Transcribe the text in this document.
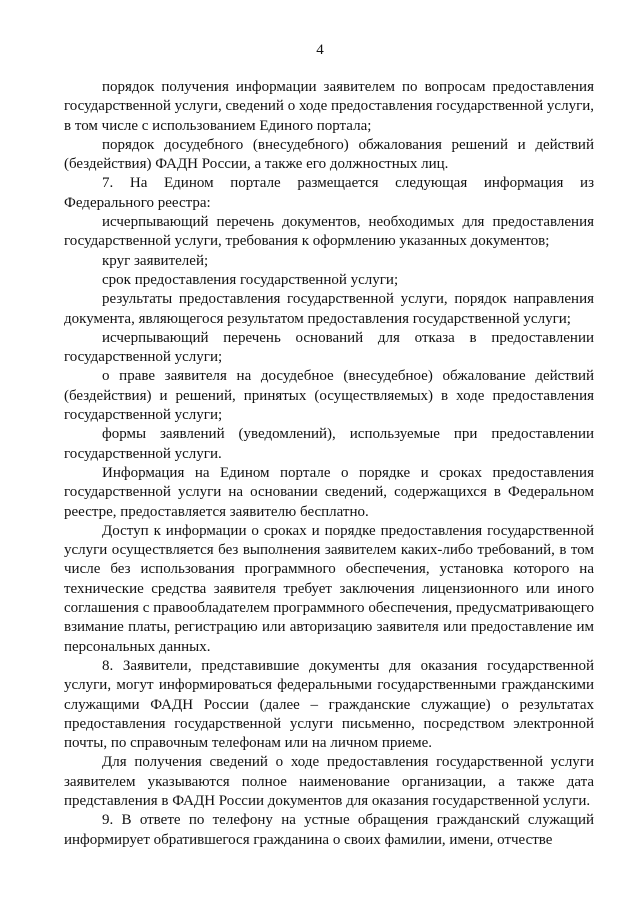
4

порядок получения информации заявителем по вопросам предоставления государственной услуги, сведений о ходе предоставления государственной услуги, в том числе с использованием Единого портала;

порядок досудебного (внесудебного) обжалования решений и действий (бездействия) ФАДН России, а также его должностных лиц.

7. На Едином портале размещается следующая информация из Федерального реестра:

исчерпывающий перечень документов, необходимых для предоставления государственной услуги, требования к оформлению указанных документов;

круг заявителей;

срок предоставления государственной услуги;

результаты предоставления государственной услуги, порядок направления документа, являющегося результатом предоставления государственной услуги;

исчерпывающий перечень оснований для отказа в предоставлении государственной услуги;

о праве заявителя на досудебное (внесудебное) обжалование действий (бездействия) и решений, принятых (осуществляемых) в ходе предоставления государственной услуги;

формы заявлений (уведомлений), используемые при предоставлении государственной услуги.

Информация на Едином портале о порядке и сроках предоставления государственной услуги на основании сведений, содержащихся в Федеральном реестре, предоставляется заявителю бесплатно.

Доступ к информации о сроках и порядке предоставления государственной услуги осуществляется без выполнения заявителем каких-либо требований, в том числе без использования программного обеспечения, установка которого на технические средства заявителя требует заключения лицензионного или иного соглашения с правообладателем программного обеспечения, предусматривающего взимание платы, регистрацию или авторизацию заявителя или предоставление им персональных данных.

8. Заявители, представившие документы для оказания государственной услуги, могут информироваться федеральными государственными гражданскими служащими ФАДН России (далее – гражданские служащие) о результатах предоставления государственной услуги письменно, посредством электронной почты, по справочным телефонам или на личном приеме.

Для получения сведений о ходе предоставления государственной услуги заявителем указываются полное наименование организации, а также дата представления в ФАДН России документов для оказания государственной услуги.

9. В ответе по телефону на устные обращения гражданский служащий информирует обратившегося гражданина о своих фамилии, имени, отчестве
